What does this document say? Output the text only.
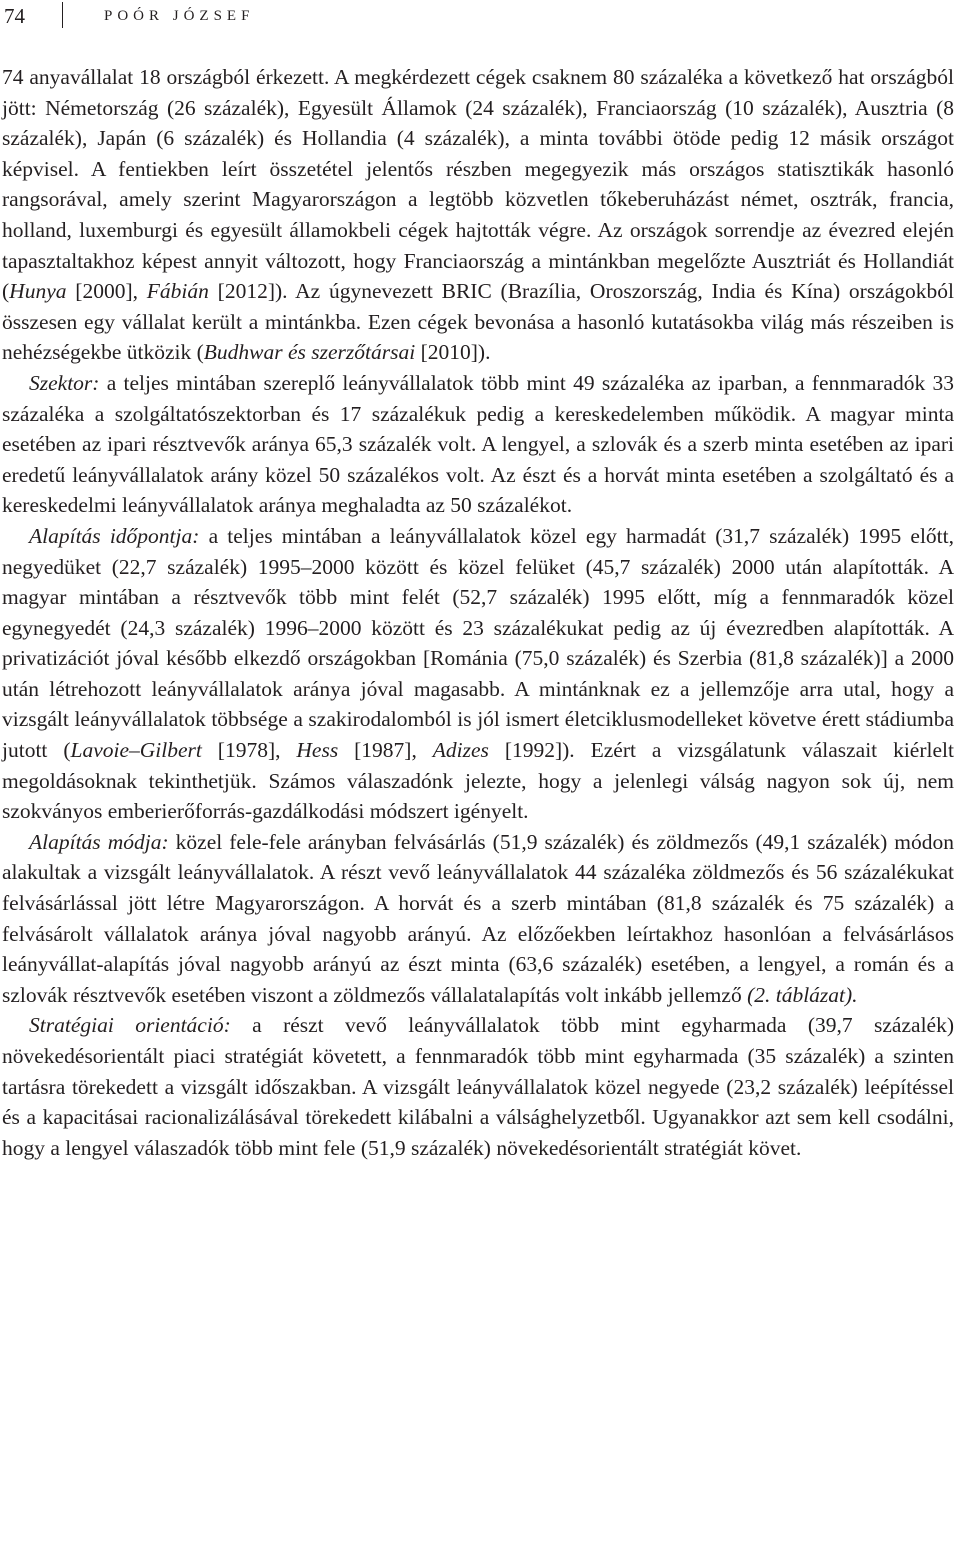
74	POÓR JÓZSEF

74 anyavállalat 18 országból érkezett. A megkérdezett cégek csaknem 80 százaléka a következő hat országból jött: Németország (26 százalék), Egyesült Államok (24 százalék), Franciaország (10 százalék), Ausztria (8 százalék), Japán (6 százalék) és Hollandia (4 százalék), a minta további ötöde pedig 12 másik országot képvisel. A fentiekben leírt összetétel jelentős részben megegyezik más országos statisztikák hasonló rangsorával, amely szerint Magyarországon a legtöbb közvetlen tőkeberuházást német, osztrák, francia, holland, luxemburgi és egyesült államokbeli cégek hajtották végre. Az országok sorrendje az évezred elején tapasztaltakhoz képest annyit változott, hogy Franciaország a mintánkban megelőzte Ausztriát és Hollandiát (Hunya [2000], Fábián [2012]). Az úgynevezett BRIC (Brazília, Oroszország, India és Kína) országokból összesen egy vállalat került a mintánkba. Ezen cégek bevonása a hasonló kutatásokba világ más részeiben is nehézségekbe ütközik (Budhwar és szerzőtársai [2010]).

Szektor: a teljes mintában szereplő leányvállalatok több mint 49 százaléka az iparban, a fennmaradók 33 százaléka a szolgáltatószektorban és 17 százalékuk pedig a kereskedelemben működik. A magyar minta esetében az ipari résztvevők aránya 65,3 százalék volt. A lengyel, a szlovák és a szerb minta esetében az ipari eredetű leányvállalatok arány közel 50 százalékos volt. Az észt és a horvát minta esetében a szolgáltató és a kereskedelmi leányvállalatok aránya meghaladta az 50 százalékot.

Alapítás időpontja: a teljes mintában a leányvállalatok közel egy harmadát (31,7 százalék) 1995 előtt, negyedüket (22,7 százalék) 1995–2000 között és közel felüket (45,7 százalék) 2000 után alapították. A magyar mintában a résztvevők több mint felét (52,7 százalék) 1995 előtt, míg a fennmaradók közel egynegyedét (24,3 százalék) 1996–2000 között és 23 százalékukat pedig az új évezredben alapították. A privatizációt jóval később elkezdő országokban [Románia (75,0 százalék) és Szerbia (81,8 százalék)] a 2000 után létrehozott leányvállalatok aránya jóval magasabb. A mintánknak ez a jellemzője arra utal, hogy a vizsgált leányvállalatok többsége a szakirodalomból is jól ismert életciklusmodelleket követve érett stádiumba jutott (Lavoie–Gilbert [1978], Hess [1987], Adizes [1992]). Ezért a vizsgálatunk válaszait kiérlelt megoldásoknak tekinthetjük. Számos válaszadónk jelezte, hogy a jelenlegi válság nagyon sok új, nem szokványos emberierőforrás-gazdálkodási módszert igényelt.

Alapítás módja: közel fele-fele arányban felvásárlás (51,9 százalék) és zöldmezős (49,1 százalék) módon alakultak a vizsgált leányvállalatok. A részt vevő leányvállalatok 44 százaléka zöldmezős és 56 százalékukat felvásárlással jött létre Magyarországon. A horvát és a szerb mintában (81,8 százalék és 75 százalék) a felvásárolt vállalatok aránya jóval nagyobb arányú. Az előzőekben leírtakhoz hasonlóan a felvásárlásos leányvállat-alapítás jóval nagyobb arányú az észt minta (63,6 százalék) esetében, a lengyel, a román és a szlovák résztvevők esetében viszont a zöldmezős vállalatalapítás volt inkább jellemző (2. táblázat).

Stratégiai orientáció: a részt vevő leányvállalatok több mint egyharmada (39,7 százalék) növekedésorientált piaci stratégiát követett, a fennmaradók több mint egyharmada (35 százalék) a szinten tartásra törekedett a vizsgált időszakban. A vizsgált leányvállalatok közel negyede (23,2 százalék) leépítéssel és a kapacitásai racionalizálásával törekedett kilábalni a válsághelyzetből. Ugyanakkor azt sem kell csodálni, hogy a lengyel válaszadók több mint fele (51,9 százalék) növekedésorientált stratégiát követ.
